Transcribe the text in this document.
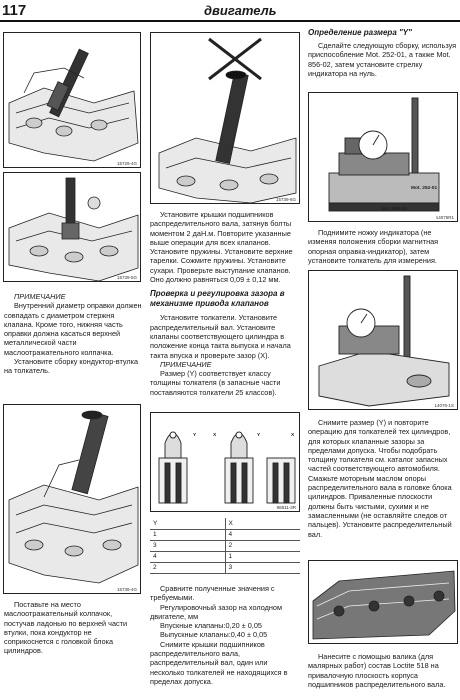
117	двигатель
15729-4G
15739-5G
ПРИМЕЧАНИЕ

Внутренний диаметр оправки должен совпадать с диаметром стержня клапана. Кроме того, нижняя часть оправки должна касаться верхней металлической части маслоотражательного колпачка.

Установите сборку кондуктор-втулка на толкатель.

15739-4G

Поставьте на место маслоотражательный колпачок, постучав ладонью по верхней части втулки, пока кондуктор не соприкоснется с головкой блока цилиндров.

15739-6G

Установите крышки подшипников распределительного вала, затянув болты моментом 2 даН.м. Повторите указанные выше операции для всех клапанов. Установите пружины. Установите верхние тарелки. Сожмите пружины. Установите сухари. Проверьте выступание клапанов. Оно должно равняться 0,09 ± 0,12 мм.

Проверка и регулировка зазора в механизме привода клапанов

Установите толкатели. Установите распределительный вал. Установите клапаны соответствующего цилиндра в положение конца такта выпуска и начала такта впуска и проверьте зазор (X).

ПРИМЕЧАНИЕ

Размер (Y) соответствует классу толщины толкателя (в запасные части поставляются толкатели 25 классов).

Y	X	Y	X
86811-3R
Y	X
1	4
3	2
4	1
2	3

Сравните полученные значения с требуемыми.

Регулировочный зазор на холодном двигателе, мм

Впускные клапаны:0,20 ± 0,05

Выпускные клапаны:0,40 ± 0,05

Снимите крышки подшипников распределительного вала, распределительный вал, один или несколько толкателей не находящихся в пределах допуска.

Определение размера "Y"

Сделайте следующую сборку, используя приспособление Mot. 252-01, а также Mot. 856-02, затем установите стрелку индикатора на нуль.

Mot. 252-01
Mot. 856-02
14075R1

Поднимите ножку индикатора (не изменяя положения сборки магнитная опорная оправка-индикатор), затем установите толкатель для измерения.

14076-1S

Снимите размер (Y) и повторите операцию для толкателей тех цилиндров, для которых клапанные зазоры за пределами допуска. Чтобы подобрать толщину толкателя см. каталог запасных частей соответствующего автомобиля. Смажьте моторным маслом опоры распределительного вала в головке блока цилиндров. Приваленные плоскости должны быть чистыми, сухими и не замасленными (не оставляйте следов от пальцев). Установите распределительный вал.

Нанесите с помощью валика (для малярных работ) состав Loctite 518 на привалочную плоскость корпуса подшипников распределительного вала.
